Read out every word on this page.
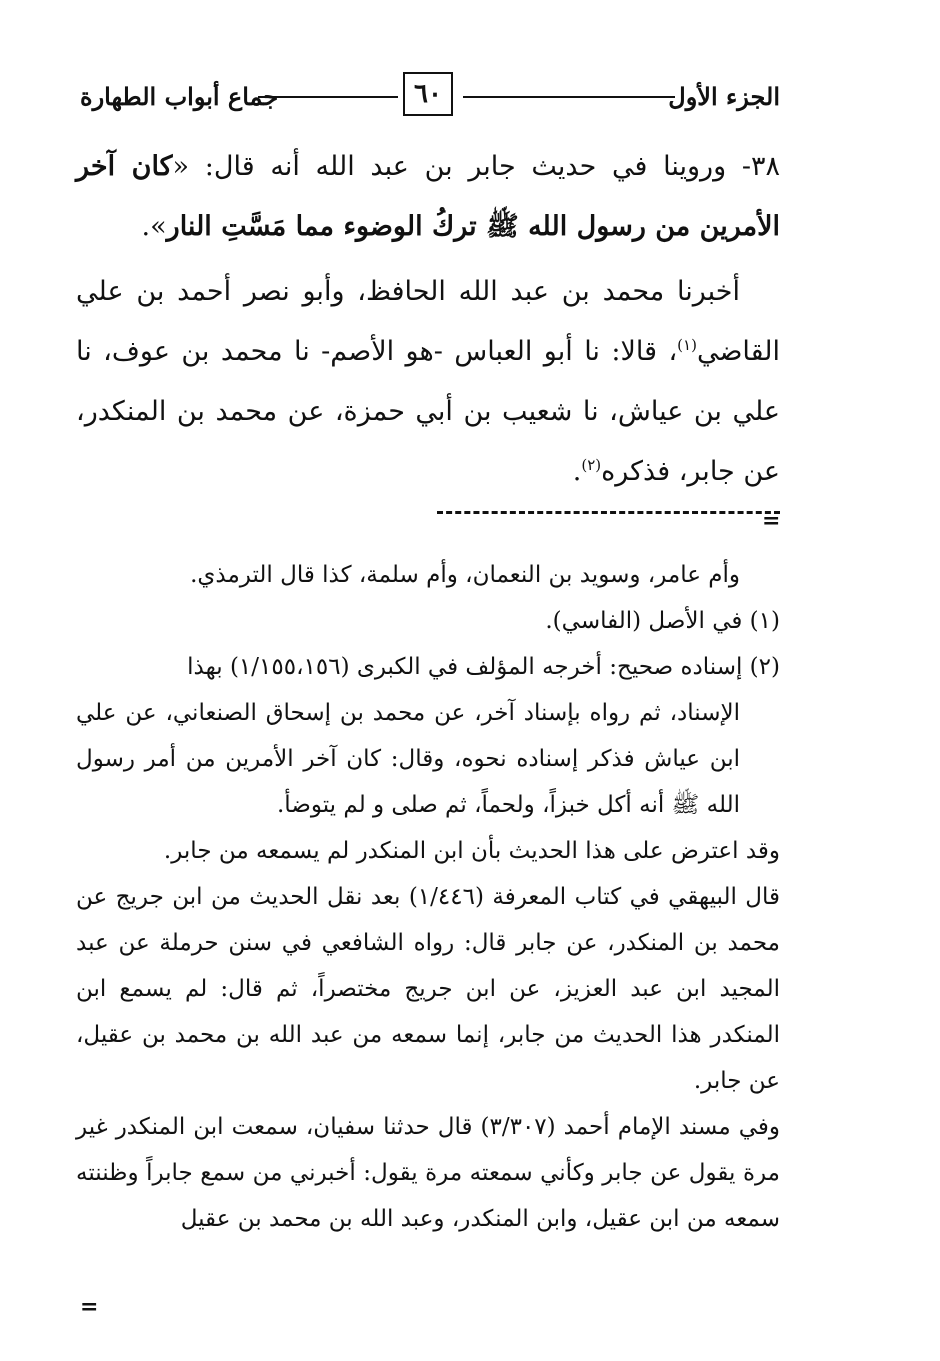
الجزء الأول
٦٠
جماع أبواب الطهارة
٣٨- وروينا في حديث جابر بن عبد الله أنه قال: «كان آخر الأمرين من رسول الله ﷺ تركُ الوضوء مما مَسَّتِ النار».
أخبرنا محمد بن عبد الله الحافظ، وأبو نصر أحمد بن علي القاضي$^{(١)}$، قالا: نا أبو العباس -هو الأصم- نا محمد بن عوف، نا علي بن عياش، نا شعيب بن أبي حمزة، عن محمد بن المنكدر، عن جابر، فذكره$^{(٢)}$.
=

وأم عامر، وسويد بن النعمان، وأم سلمة، كذا قال الترمذي.

(١) في الأصل (الفاسي).

(٢) إسناده صحيح: أخرجه المؤلف في الكبرى (١/١٥٥،١٥٦) بهذا

الإسناد، ثم رواه بإسناد آخر، عن محمد بن إسحاق الصنعاني، عن علي ابن عياش فذكر إسناده نحوه، وقال: كان آخر الأمرين من أمر رسول الله ﷺ أنه أكل خبزاً، ولحماً، ثم صلى و لم يتوضأ.

وقد اعترض على هذا الحديث بأن ابن المنكدر لم يسمعه من جابر.

قال البيهقي في كتاب المعرفة (١/٤٤٦) بعد نقل الحديث من ابن جريج عن محمد بن المنكدر، عن جابر قال: رواه الشافعي في سنن حرملة عن عبد المجيد ابن عبد العزيز، عن ابن جريج مختصراً، ثم قال: لم يسمع ابن المنكدر هذا الحديث من جابر، إنما سمعه من عبد الله بن محمد بن عقيل، عن جابر.

وفي مسند الإمام أحمد (٣/٣٠٧) قال حدثنا سفيان، سمعت ابن المنكدر غير مرة يقول عن جابر وكأني سمعته مرة يقول: أخبرني من سمع جابراً وظننته سمعه من ابن عقيل، وابن المنكدر، وعبد الله بن محمد بن عقيل

=
